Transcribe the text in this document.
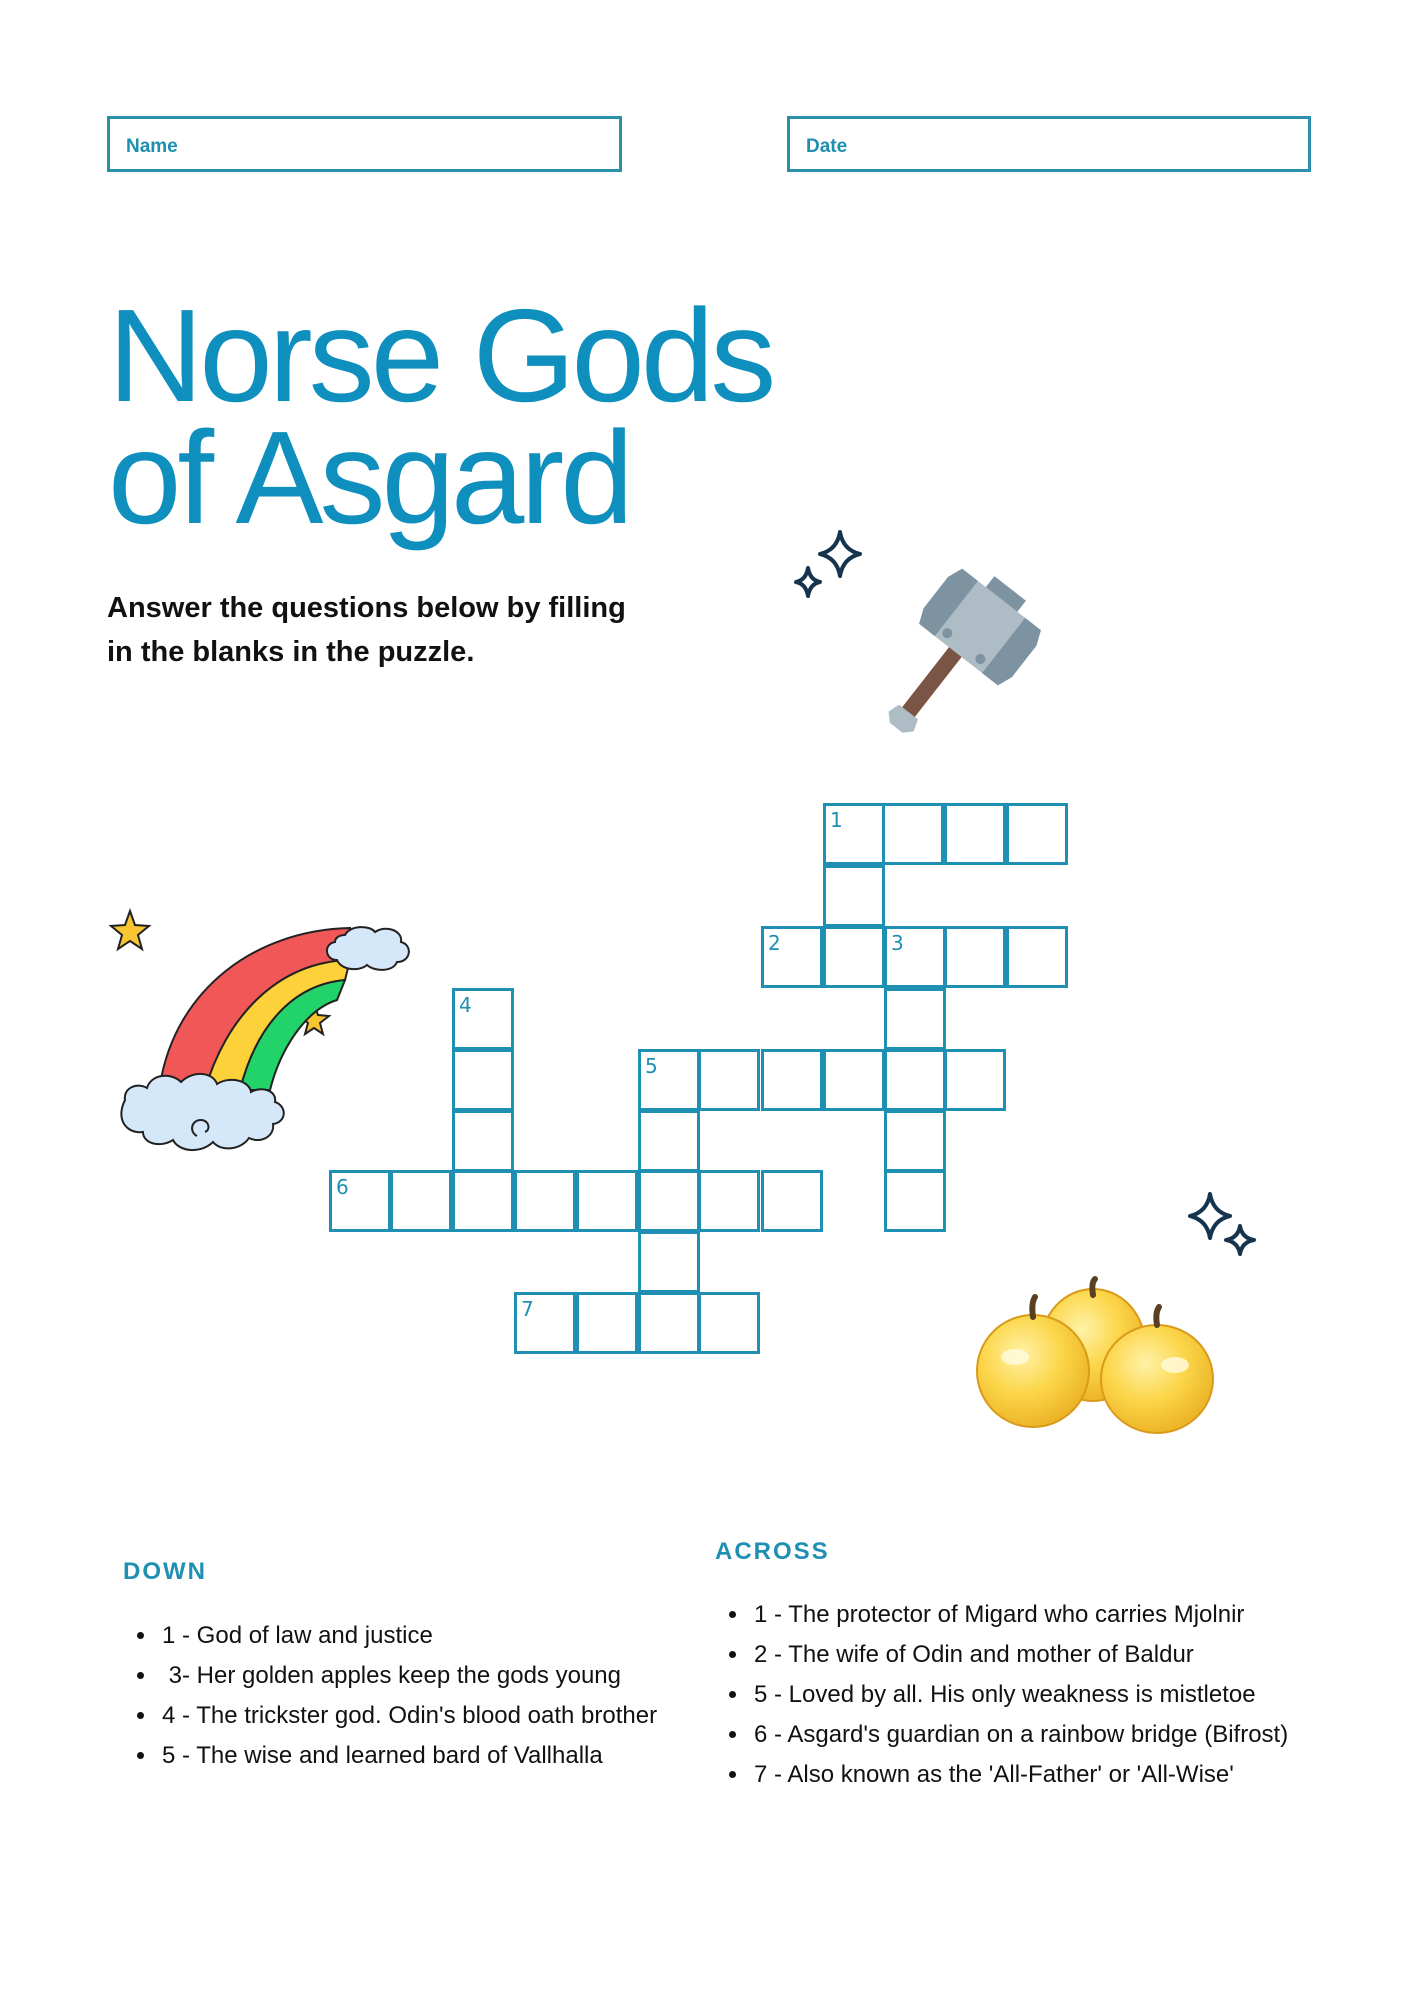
Name	Date
Norse Gods
of Asgard
Answer the questions below by filling
in the blanks in the puzzle.
1
2	3
4
5
6
7
DOWN
• 1 - God of law and justice
•  3- Her golden apples keep the gods young
• 4 - The trickster god. Odin's blood oath brother
• 5 - The wise and learned bard of Vallhalla
ACROSS
• 1 - The protector of Migard who carries Mjolnir
• 2 - The wife of Odin and mother of Baldur
• 5 - Loved by all. His only weakness is mistletoe
• 6 - Asgard's guardian on a rainbow bridge (Bifrost)
• 7 - Also known as the 'All-Father' or 'All-Wise'
